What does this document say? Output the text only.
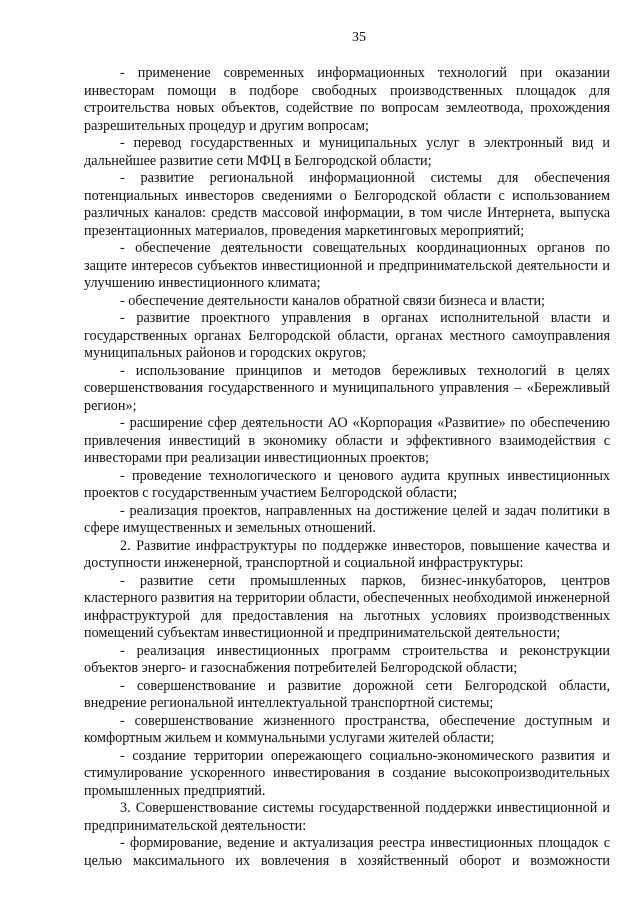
35

- применение современных информационных технологий при оказании инвесторам помощи в подборе свободных производственных площадок для строительства новых объектов, содействие по вопросам землеотвода, прохождения разрешительных процедур и другим вопросам;

- перевод государственных и муниципальных услуг в электронный вид и дальнейшее развитие сети МФЦ в Белгородской области;

- развитие региональной информационной системы для обеспечения потенциальных инвесторов сведениями о Белгородской области с использованием различных каналов: средств массовой информации, в том числе Интернета, выпуска презентационных материалов, проведения маркетинговых мероприятий;

- обеспечение деятельности совещательных координационных органов по защите интересов субъектов инвестиционной и предпринимательской деятельности и улучшению инвестиционного климата;

- обеспечение деятельности каналов обратной связи бизнеса и власти;

- развитие проектного управления в органах исполнительной власти и государственных органах Белгородской области, органах местного самоуправления муниципальных районов и городских округов;

- использование принципов и методов бережливых технологий в целях совершенствования государственного и муниципального управления – «Бережливый регион»;

- расширение сфер деятельности АО «Корпорация «Развитие» по обеспечению привлечения инвестиций в экономику области и эффективного взаимодействия с инвесторами при реализации инвестиционных проектов;

- проведение технологического и ценового аудита крупных инвестиционных проектов с государственным участием Белгородской области;

- реализация проектов, направленных на достижение целей и задач политики в сфере имущественных и земельных отношений.

2. Развитие инфраструктуры по поддержке инвесторов, повышение качества и доступности инженерной, транспортной и социальной инфраструктуры:

- развитие сети промышленных парков, бизнес-инкубаторов, центров кластерного развития на территории области, обеспеченных необходимой инженерной инфраструктурой для предоставления на льготных условиях производственных помещений субъектам инвестиционной и предпринимательской деятельности;

- реализация инвестиционных программ строительства и реконструкции объектов энерго- и газоснабжения потребителей Белгородской области;

- совершенствование и развитие дорожной сети Белгородской области, внедрение региональной интеллектуальной транспортной системы;

- совершенствование жизненного пространства, обеспечение доступным и комфортным жильем и коммунальными услугами жителей области;

- создание территории опережающего социально-экономического развития и стимулирование ускоренного инвестирования в создание высокопроизводительных промышленных предприятий.

3. Совершенствование системы государственной поддержки инвестиционной и предпринимательской деятельности:

- формирование, ведение и актуализация реестра инвестиционных площадок с целью максимального их вовлечения в хозяйственный оборот и возможности
